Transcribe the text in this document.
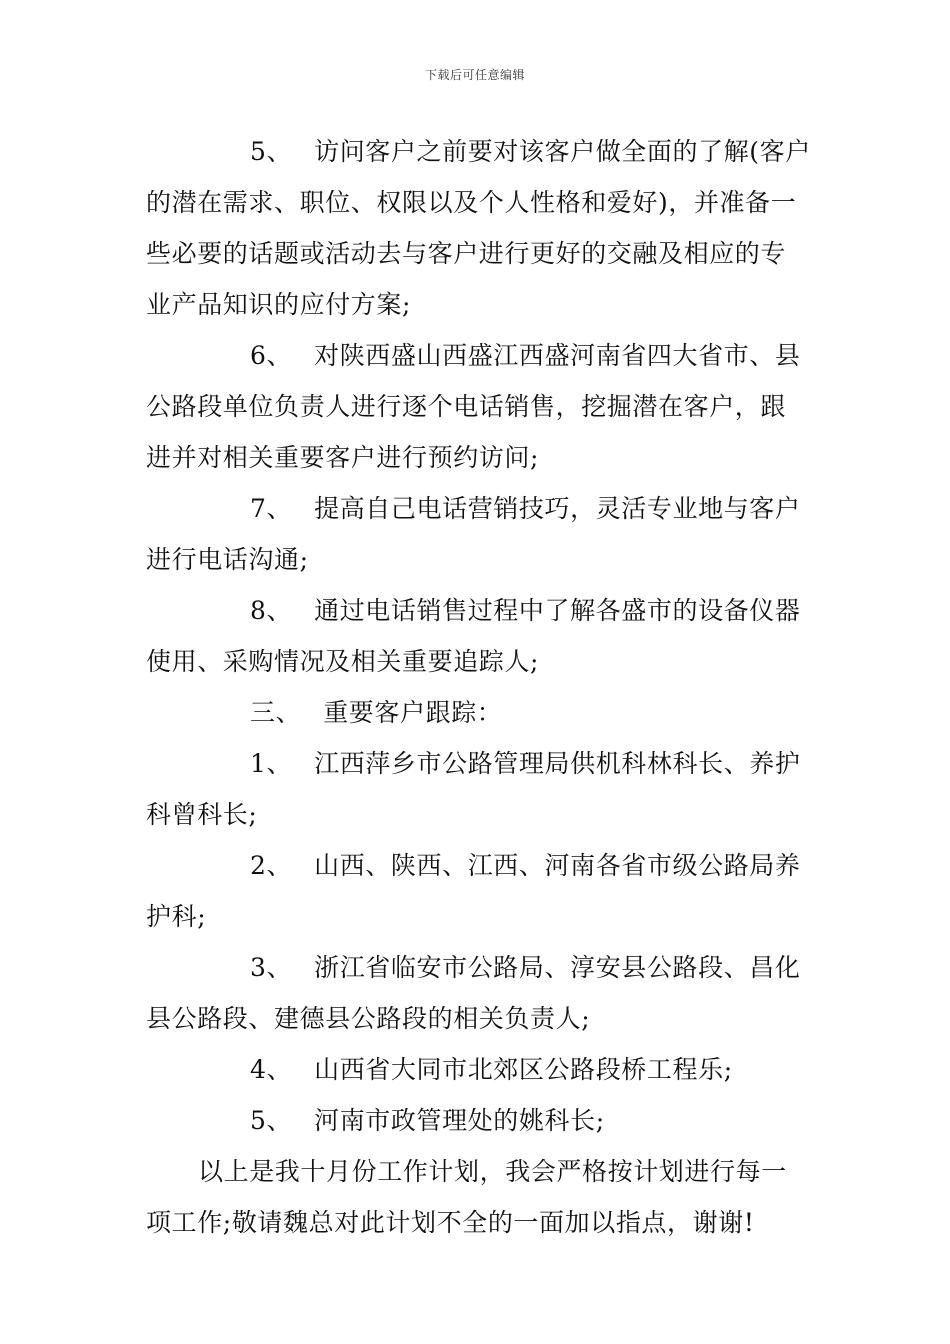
下载后可任意编辑

5、 访问客户之前要对该客户做全面的了解(客户的潜在需求、职位、权限以及个人性格和爱好)，并准备一些必要的话题或活动去与客户进行更好的交融及相应的专业产品知识的应付方案;

6、 对陕西盛山西盛江西盛河南省四大省市、县公路段单位负责人进行逐个电话销售，挖掘潜在客户，跟进并对相关重要客户进行预约访问;

7、 提高自己电话营销技巧，灵活专业地与客户进行电话沟通;

8、 通过电话销售过程中了解各盛市的设备仪器使用、采购情况及相关重要追踪人;

三、 重要客户跟踪：

1、 江西萍乡市公路管理局供机科林科长、养护科曾科长;

2、 山西、陕西、江西、河南各省市级公路局养护科;

3、 浙江省临安市公路局、淳安县公路段、昌化县公路段、建德县公路段的相关负责人;

4、 山西省大同市北郊区公路段桥工程乐;

5、 河南市政管理处的姚科长;

以上是我十月份工作计划，我会严格按计划进行每一项工作;敬请魏总对此计划不全的一面加以指点，谢谢!
